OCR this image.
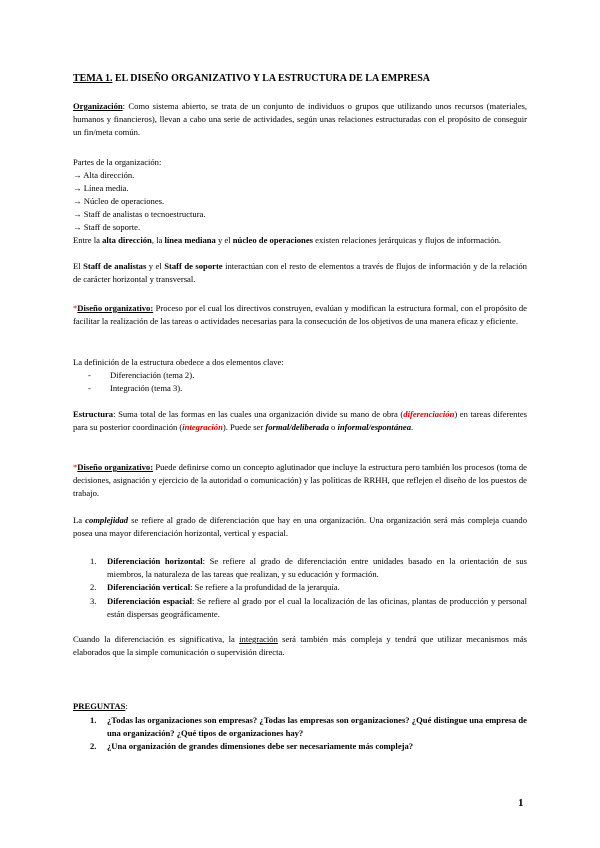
TEMA 1. EL DISEÑO ORGANIZATIVO Y LA ESTRUCTURA DE LA EMPRESA

Organización: Como sistema abierto, se trata de un conjunto de individuos o grupos que utilizando unos recursos (materiales, humanos y financieros), llevan a cabo una serie de actividades, según unas relaciones estructuradas con el propósito de conseguir un fin/meta común.

Partes de la organización:

→ Alta dirección.
→ Línea media.
→ Núcleo de operaciones.
→ Staff de analistas o tecnoestructura.
→ Staff de soporte.

Entre la alta dirección, la línea mediana y el núcleo de operaciones existen relaciones jerárquicas y flujos de información.

El Staff de analistas y el Staff de soporte interactúan con el resto de elementos a través de flujos de información y de la relación de carácter horizontal y transversal.

*Diseño organizativo: Proceso por el cual los directivos construyen, evalúan y modifican la estructura formal, con el propósito de facilitar la realización de las tareas o actividades necesarias para la consecución de los objetivos de una manera eficaz y eficiente.

La definición de la estructura obedece a dos elementos clave:

- Diferenciación (tema 2).
- Integración (tema 3).

Estructura: Suma total de las formas en las cuales una organización divide su mano de obra (diferenciación) en tareas diferentes para su posterior coordinación (integración). Puede ser formal/deliberada o informal/espontánea.

*Diseño organizativo: Puede definirse como un concepto aglutinador que incluye la estructura pero también los procesos (toma de decisiones, asignación y ejercicio de la autoridad o comunicación) y las políticas de RRHH, que reflejen el diseño de los puestos de trabajo.

La complejidad se refiere al grado de diferenciación que hay en una organización. Una organización será más compleja cuando posea una mayor diferenciación horizontal, vertical y espacial.

1. Diferenciación horizontal: Se refiere al grado de diferenciación entre unidades basado en la orientación de sus miembros, la naturaleza de las tareas que realizan, y su educación y formación.
2. Diferenciación vertical: Se refiere a la profundidad de la jerarquía.
3. Diferenciación espacial: Se refiere al grado por el cual la localización de las oficinas, plantas de producción y personal están dispersas geográficamente.

Cuando la diferenciación es significativa, la integración será también más compleja y tendrá que utilizar mecanismos más elaborados que la simple comunicación o supervisión directa.

PREGUNTAS:

1. ¿Todas las organizaciones son empresas? ¿Todas las empresas son organizaciones? ¿Qué distingue una empresa de una organización? ¿Qué tipos de organizaciones hay?
2. ¿Una organización de grandes dimensiones debe ser necesariamente más compleja?
1
